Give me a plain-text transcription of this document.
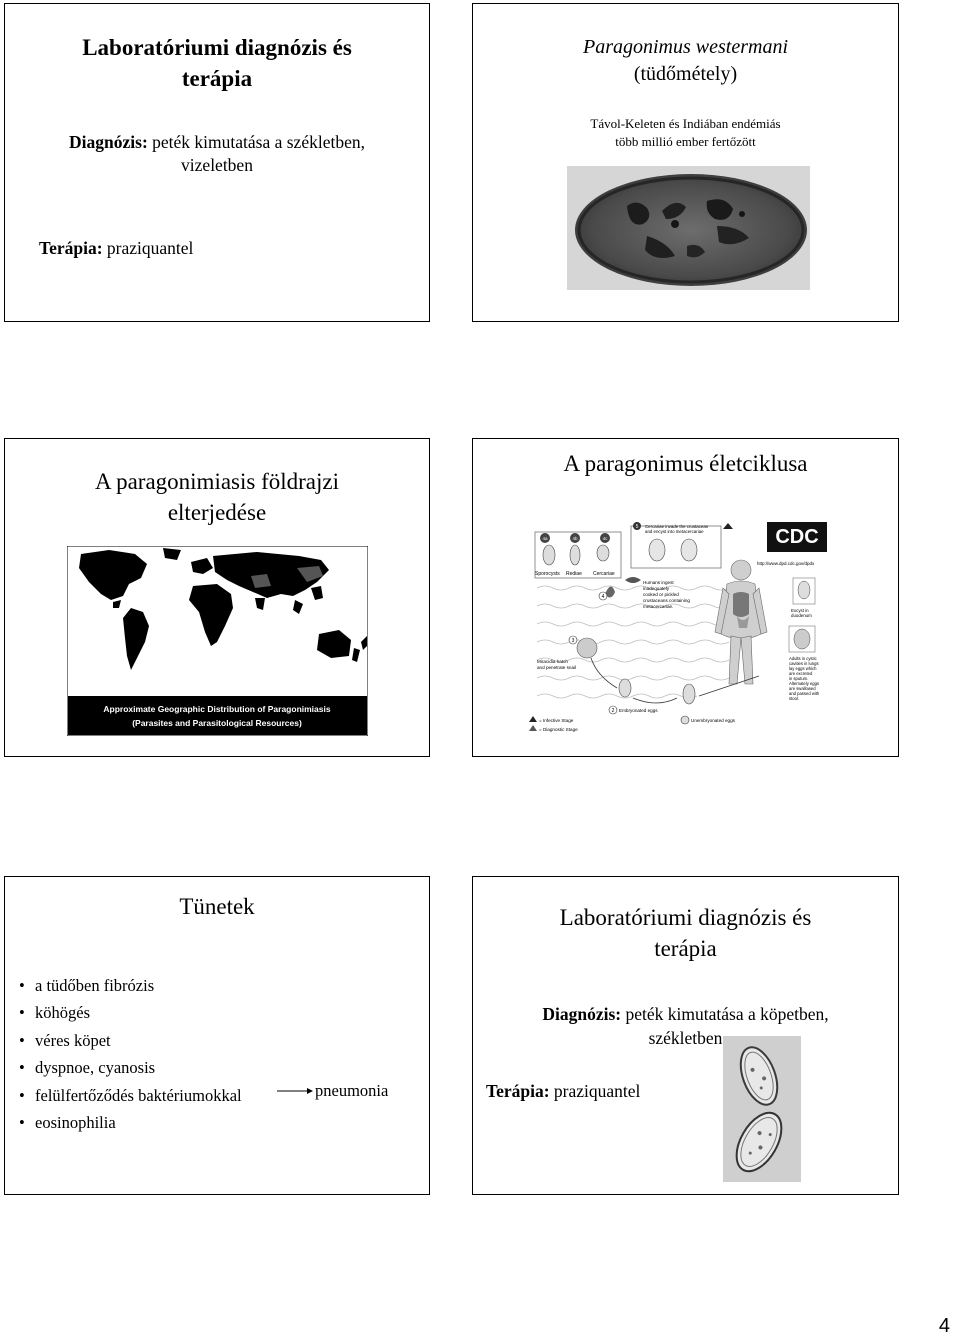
Laboratóriumi diagnózis és
terápia
Diagnózis: peték kimutatása a székletben,
vizeletben
Terápia: praziquantel
Paragonimus westermani
(tüdőmétely)
Távol-Keleten és Indiában endémiás
több millió ember fertőzött
A paragonimiasis földrajzi
elterjedése
Approximate Geographic Distribution of Paragonimiasis
(Parasites and Parasitological Resources)
A paragonimus életciklusa
4a	4b	4c
Sporocysts Rediae Cercariae
5 Cercariae invade the crustacean
and encyst into metacercariae	CDC
http://www.dpd.cdc.gov/dpdx
4
Humans ingest
inadequately
cooked or pickled
crustaceans containing
metacercariae.
Excyst in
duodenum
Adults in cystic
cavities in lungs
lay eggs which
are excreted
in sputum.
Alternately eggs
are swallowed
and passed with
stool.
3
Miracidia hatch
and penetrate snail
2 Embryonated eggs
Unembryonated eggs
= Infective Stage
= Diagnostic Stage
Tünetek
• a tüdőben fibrózis
• köhögés
• véres köpet
• dyspnoe, cyanosis
• felülfertőződés baktériumokkal
• eosinophilia
pneumonia
Laboratóriumi diagnózis és
terápia
Diagnózis: peték kimutatása a köpetben,
székletben
Terápia: praziquantel
4
